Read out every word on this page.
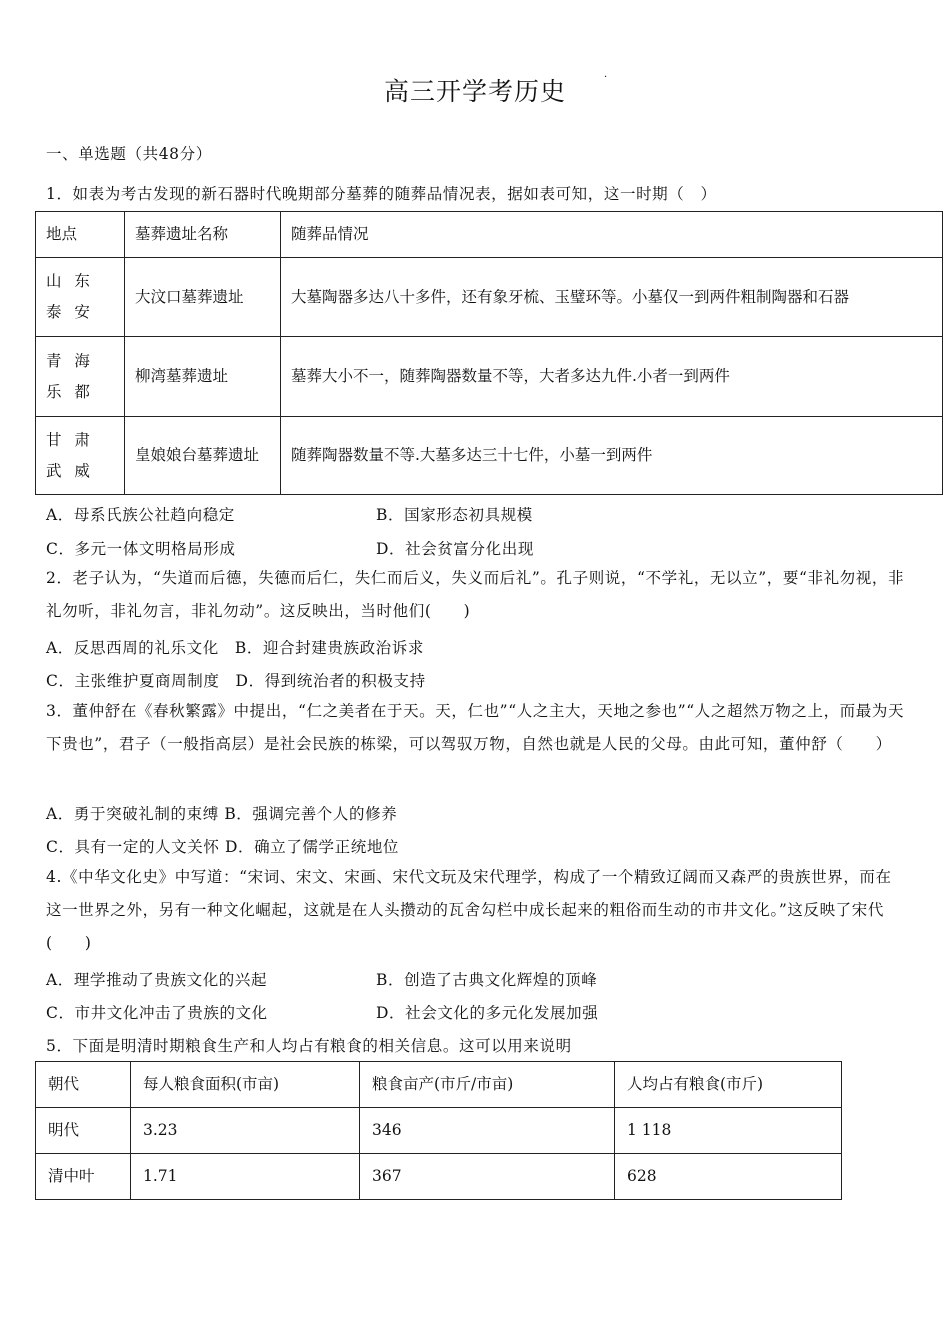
高三开学考历史	·
一、单选题（共48分）
1．如表为考古发现的新石器时代晚期部分墓葬的随葬品情况表，据如表可知，这一时期（　）
地点	墓葬遗址名称	随葬品情况
山 东 泰 安	大汶口墓葬遗址	大墓陶器多达八十多件，还有象牙梳、玉璧环等。小墓仅一到两件粗制陶器和石器
青 海 乐 都	柳湾墓葬遗址	墓葬大小不一，随葬陶器数量不等，大者多达九件.小者一到两件
甘 肃 武 威	皇娘娘台墓葬遗址	随葬陶器数量不等.大墓多达三十七件，小墓一到两件
A．母系氏族公社趋向稳定	B．国家形态初具规模
C．多元一体文明格局形成	D．社会贫富分化出现
2．老子认为，“失道而后德，失德而后仁，失仁而后义，失义而后礼”。孔子则说，“不学礼，无以立”，要“非礼勿视，非礼勿听，非礼勿言，非礼勿动”。这反映出，当时他们(　　)
A．反思西周的礼乐文化　B．迎合封建贵族政治诉求
C．主张维护夏商周制度　D．得到统治者的积极支持
3．董仲舒在《春秋繁露》中提出，“仁之美者在于天。天，仁也”“人之主大，天地之参也”“人之超然万物之上，而最为天下贵也”，君子（一般指高层）是社会民族的栋梁，可以驾驭万物，自然也就是人民的父母。由此可知，董仲舒（　　）
A．勇于突破礼制的束缚 B．强调完善个人的修养
C．具有一定的人文关怀 D．确立了儒学正统地位
4.《中华文化史》中写道：“宋词、宋文、宋画、宋代文玩及宋代理学，构成了一个精致辽阔而又森严的贵族世界，而在这一世界之外，另有一种文化崛起，这就是在人头攒动的瓦舍勾栏中成长起来的粗俗而生动的市井文化。”这反映了宋代(　　)
A．理学推动了贵族文化的兴起	B．创造了古典文化辉煌的顶峰
C．市井文化冲击了贵族的文化	D．社会文化的多元化发展加强
5．下面是明清时期粮食生产和人均占有粮食的相关信息。这可以用来说明
朝代	每人粮食面积(市亩)	粮食亩产(市斤/市亩)	人均占有粮食(市斤)
明代	3.23	346	1 118
清中叶	1.71	367	628
